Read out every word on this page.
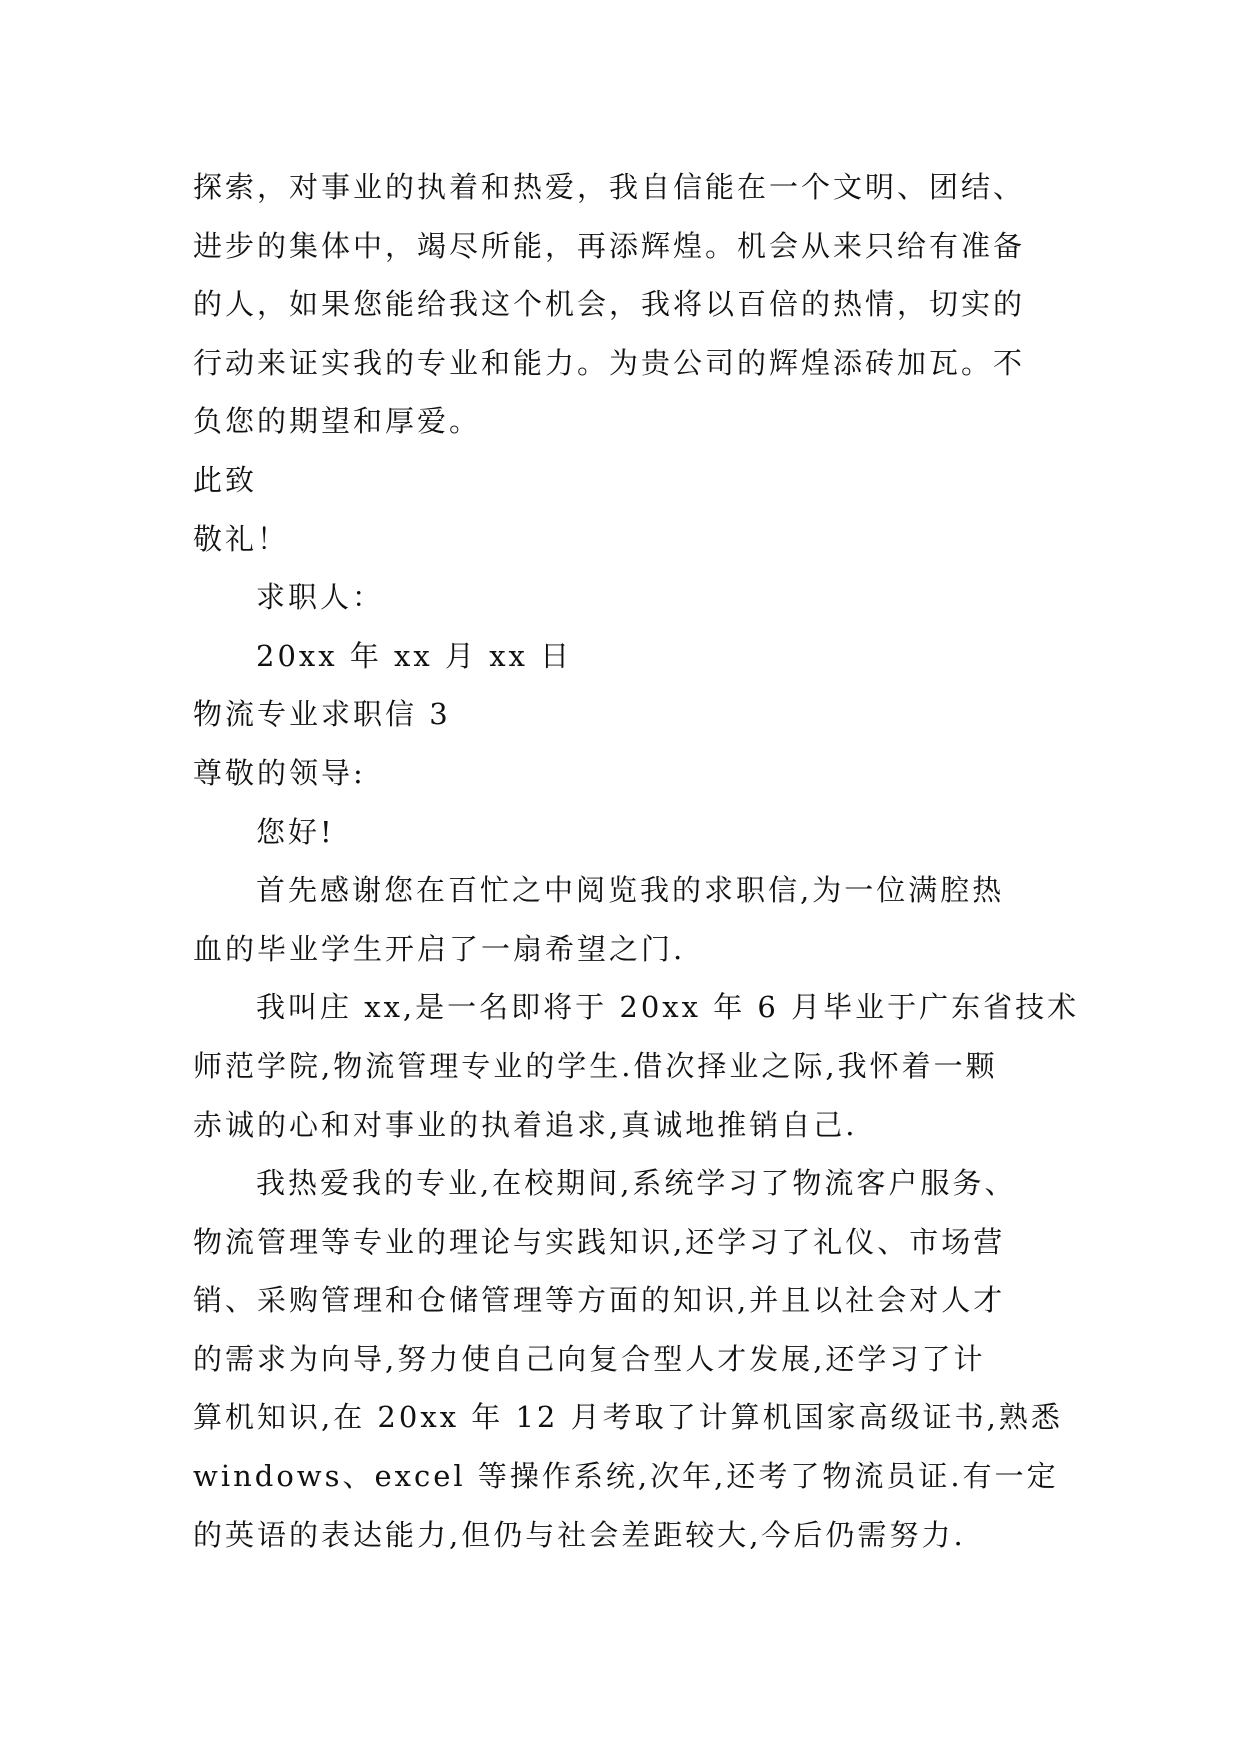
探索，对事业的执着和热爱，我自信能在一个文明、团结、
进步的集体中，竭尽所能，再添辉煌。机会从来只给有准备
的人，如果您能给我这个机会，我将以百倍的热情，切实的
行动来证实我的专业和能力。为贵公司的辉煌添砖加瓦。不
负您的期望和厚爱。
此致
敬礼！
求职人：
20xx 年 xx 月 xx 日
物流专业求职信 3
尊敬的领导:
您好!
首先感谢您在百忙之中阅览我的求职信,为一位满腔热
血的毕业学生开启了一扇希望之门.
我叫庄 xx,是一名即将于 20xx 年 6 月毕业于广东省技术
师范学院,物流管理专业的学生.借次择业之际,我怀着一颗
赤诚的心和对事业的执着追求,真诚地推销自己.
我热爱我的专业,在校期间,系统学习了物流客户服务、
物流管理等专业的理论与实践知识,还学习了礼仪、市场营
销、采购管理和仓储管理等方面的知识,并且以社会对人才
的需求为向导,努力使自己向复合型人才发展,还学习了计
算机知识,在 20xx 年 12 月考取了计算机国家高级证书,熟悉
windows、excel 等操作系统,次年,还考了物流员证.有一定
的英语的表达能力,但仍与社会差距较大,今后仍需努力.
